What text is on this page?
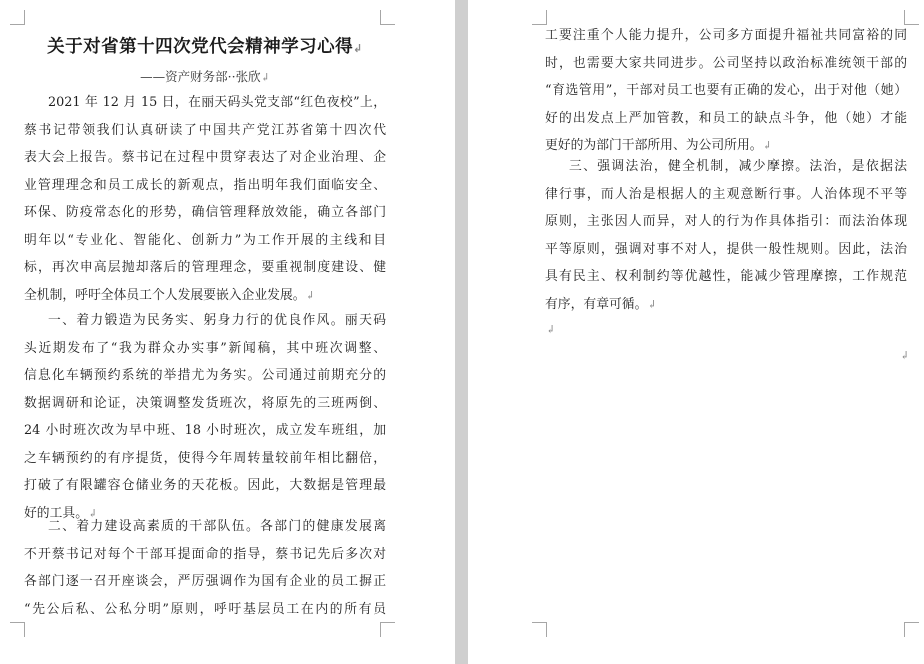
关于对省第十四次党代会精神学习心得↲
——资产财务部··张欣↲
2021 年 12 月 15 日，在丽天码头党支部“红色夜校”上，
蔡书记带领我们认真研读了中国共产党江苏省第十四次代
表大会上报告。蔡书记在过程中贯穿表达了对企业治理、企
业管理理念和员工成长的新观点，指出明年我们面临安全、
环保、防疫常态化的形势，确信管理释放效能，确立各部门
明年以“专业化、智能化、创新力”为工作开展的主线和目
标，再次申高层抛却落后的管理理念，要重视制度建设、健
全机制，呼吁全体员工个人发展要嵌入企业发展。↲
一、着力锻造为民务实、躬身力行的优良作风。丽天码
头近期发布了“我为群众办实事”新闻稿，其中班次调整、
信息化车辆预约系统的举措尤为务实。公司通过前期充分的
数据调研和论证，决策调整发货班次，将原先的三班两倒、
24 小时班次改为早中班、18 小时班次，成立发车班组，加
之车辆预约的有序提货，使得今年周转量较前年相比翻倍，
打破了有限罐容仓储业务的天花板。因此，大数据是管理最
好的工具。↲
二、着力建设高素质的干部队伍。各部门的健康发展离
不开蔡书记对每个干部耳提面命的指导，蔡书记先后多次对
各部门逐一召开座谈会，严厉强调作为国有企业的员工摒正
“先公后私、公私分明”原则，呼吁基层员工在内的所有员
工要注重个人能力提升，公司多方面提升福祉共同富裕的同
时，也需要大家共同进步。公司坚持以政治标准统领干部的
“育选管用”，干部对员工也要有正确的发心，出于对他（她）
好的出发点上严加管教，和员工的缺点斗争，他（她）才能
更好的为部门干部所用、为公司所用。↲
三、强调法治，健全机制，减少摩擦。法治，是依据法
律行事，而人治是根据人的主观意断行事。人治体现不平等
原则，主张因人而异，对人的行为作具体指引：而法治体现
平等原则，强调对事不对人，提供一般性规则。因此，法治
具有民主、权利制约等优越性，能减少管理摩擦，工作规范
有序，有章可循。↲
↲
↲
